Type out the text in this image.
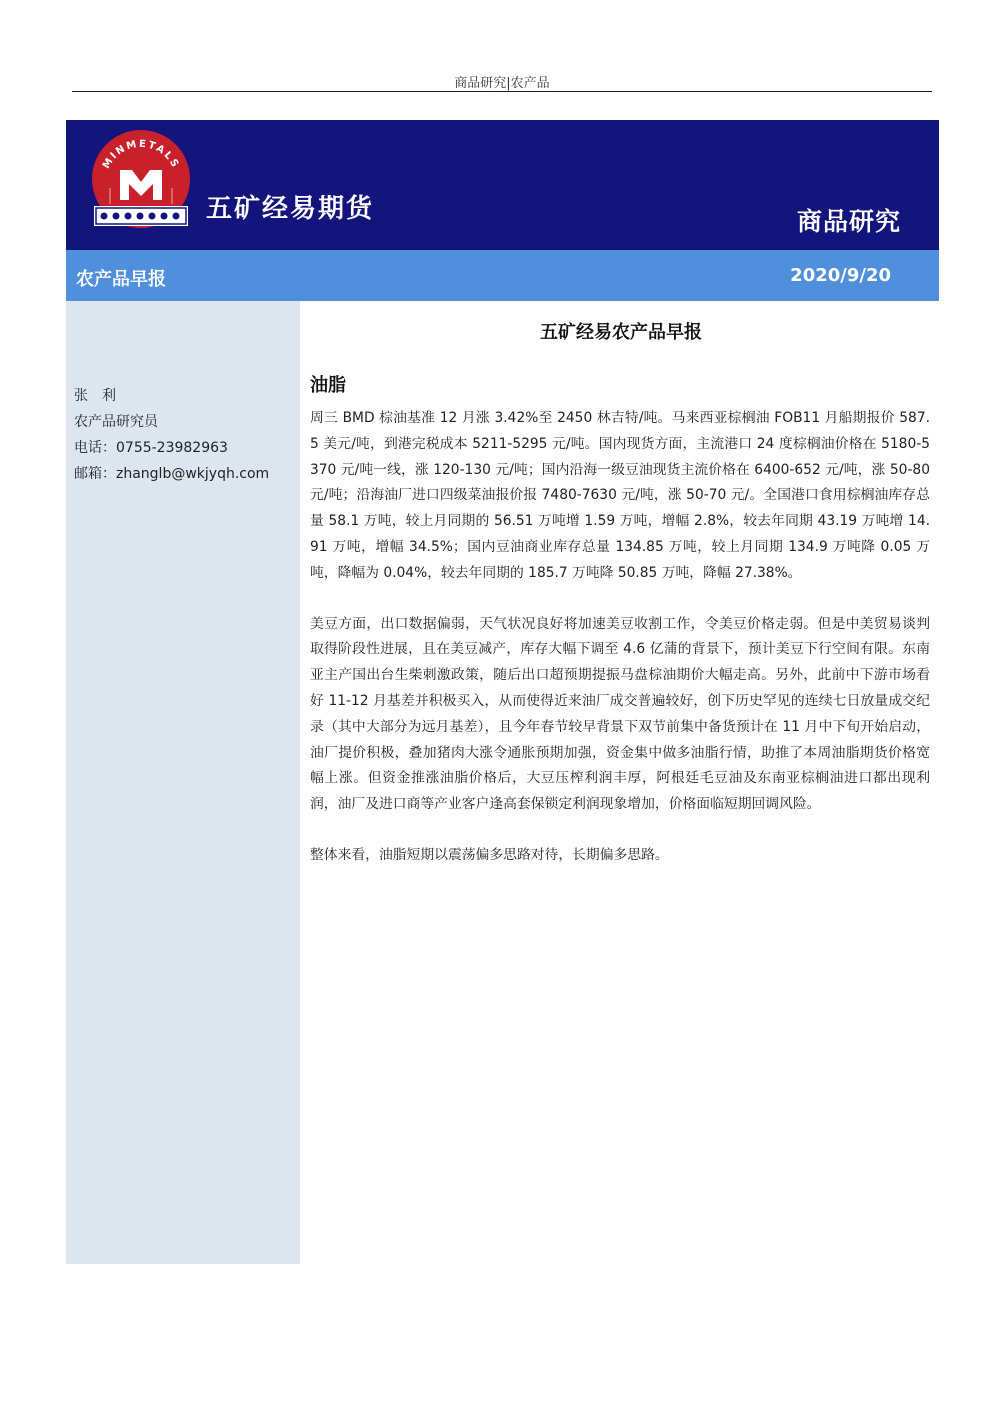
商品研究|农产品
MINMETALS
五矿经易期货	商品研究
农产品早报	2020/9/20
张　利
农产品研究员
电话：0755-23982963
邮箱：zhanglb@wkjyqh.com
五矿经易农产品早报
油脂

周三 BMD 棕油基准 12 月涨 3.42%至 2450 林吉特/吨。马来西亚棕榈油 FOB11 月船期报价 587.5 美元/吨，到港完税成本 5211-5295 元/吨。国内现货方面，主流港口 24 度棕榈油价格在 5180-5370 元/吨一线，涨 120-130 元/吨；国内沿海一级豆油现货主流价格在 6400-652 元/吨，涨 50-80 元/吨；沿海油厂进口四级菜油报价报 7480-7630 元/吨，涨 50-70 元/。全国港口食用棕榈油库存总量 58.1 万吨，较上月同期的 56.51 万吨增 1.59 万吨，增幅 2.8%，较去年同期 43.19 万吨增 14.91 万吨，增幅 34.5%；国内豆油商业库存总量 134.85 万吨，较上月同期 134.9 万吨降 0.05 万吨，降幅为 0.04%，较去年同期的 185.7 万吨降 50.85 万吨，降幅 27.38%。

美豆方面，出口数据偏弱，天气状况良好将加速美豆收割工作，令美豆价格走弱。但是中美贸易谈判取得阶段性进展，且在美豆减产，库存大幅下调至 4.6 亿蒲的背景下，预计美豆下行空间有限。东南亚主产国出台生柴刺激政策，随后出口超预期提振马盘棕油期价大幅走高。另外，此前中下游市场看好 11-12 月基差并积极买入，从而使得近来油厂成交普遍较好，创下历史罕见的连续七日放量成交纪录（其中大部分为远月基差），且今年春节较早背景下双节前集中备货预计在 11 月中下旬开始启动，油厂提价积极，叠加猪肉大涨令通胀预期加强，资金集中做多油脂行情，助推了本周油脂期货价格宽幅上涨。但资金推涨油脂价格后，大豆压榨利润丰厚，阿根廷毛豆油及东南亚棕榈油进口都出现利润，油厂及进口商等产业客户逢高套保锁定利润现象增加，价格面临短期回调风险。

整体来看，油脂短期以震荡偏多思路对待，长期偏多思路。
